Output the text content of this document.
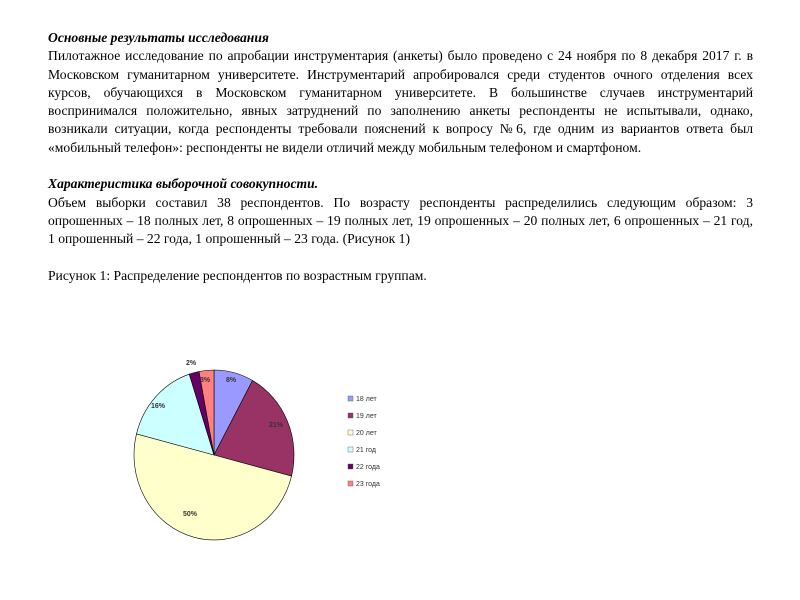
Основные результаты исследования

Пилотажное исследование по апробации инструментария (анкеты) было проведено с 24 ноября по 8 декабря 2017 г. в Московском гуманитарном университете. Инструментарий апробировался среди студентов очного отделения всех курсов, обучающихся в Московском гуманитарном университете. В большинстве случаев инструментарий воспринимался положительно, явных затруднений по заполнению анкеты респонденты не испытывали, однако, возникали ситуации, когда респонденты требовали пояснений к вопросу №6, где одним из вариантов ответа был «мобильный телефон»: респонденты не видели отличий между мобильным телефоном и смартфоном.

Характеристика выборочной совокупности.

Объем выборки составил 38 респондентов. По возрасту респонденты распределились следующим образом: 3 опрошенных – 18 полных лет, 8 опрошенных – 19 полных лет, 19 опрошенных – 20 полных лет, 6 опрошенных – 21 год, 1 опрошенный – 22 года, 1 опрошенный – 23 года. (Рисунок 1)

Рисунок 1: Распределение респондентов по возрастным группам.

8%
21%
50%
16%
2%
3%
18 лет
19 лет
20 лет
21 год
22 года
23 года
